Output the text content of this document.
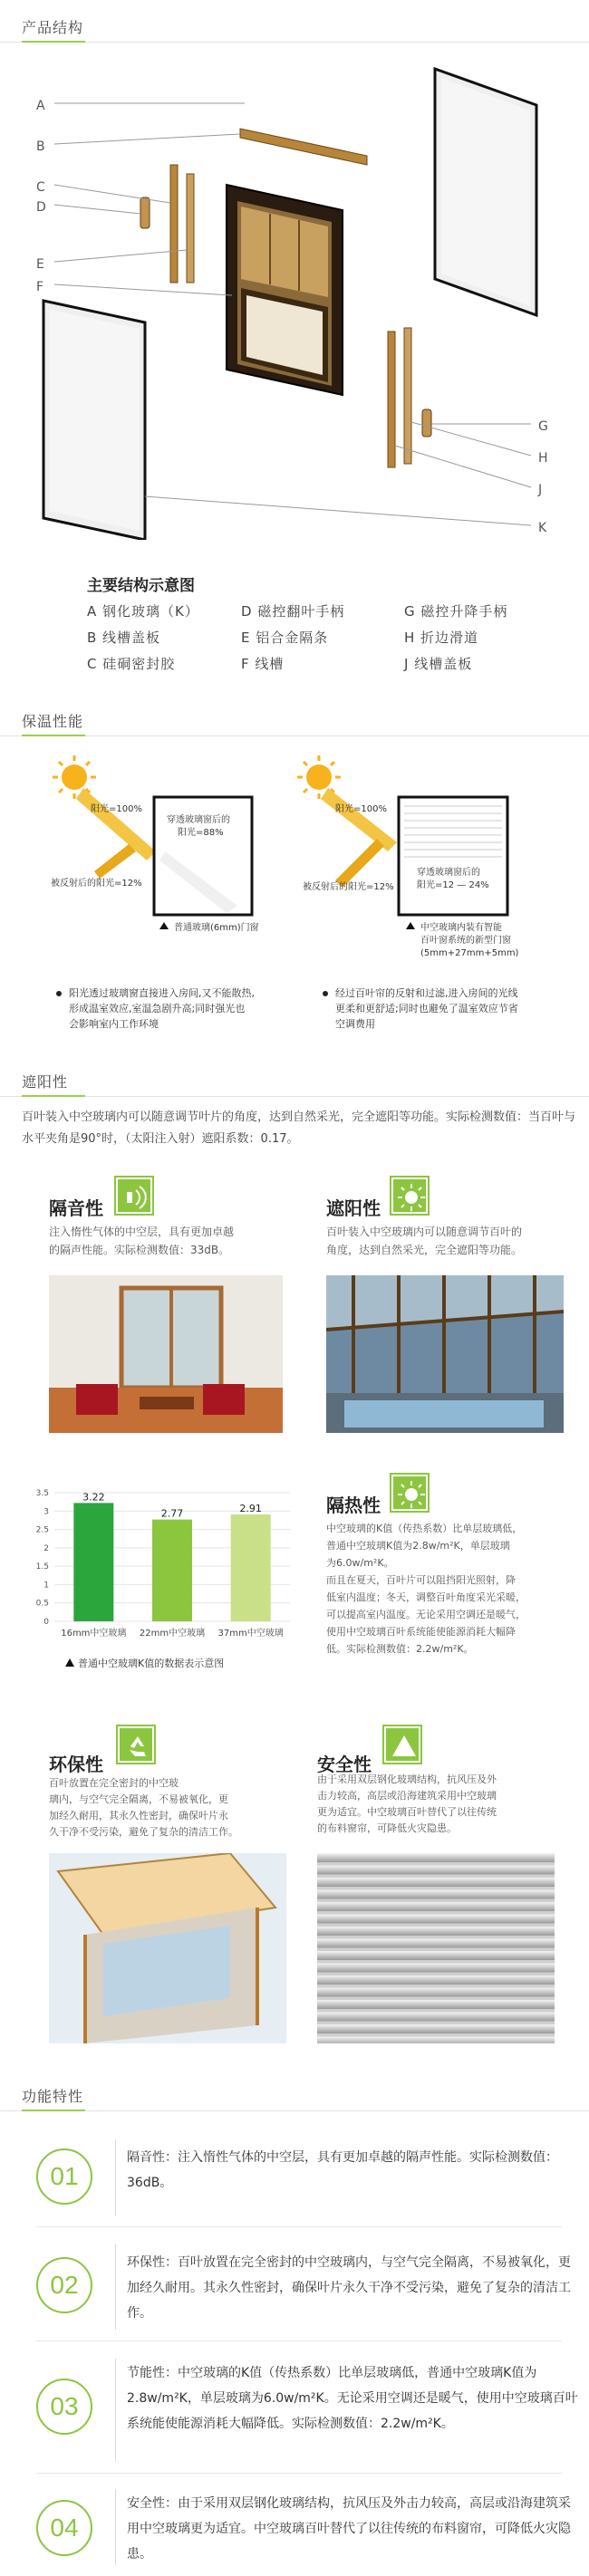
产品结构
A
B
C
D
E
F
G
H
J
K
主要结构示意图
A 钢化玻璃（K）	D 磁控翻叶手柄	G 磁控升降手柄
B 线槽盖板	E 铝合金隔条	H 折边滑道
C 硅硐密封胶	F 线槽	J 线槽盖板
保温性能
阳光=100%
被反射后的阳光=12%
穿透玻璃窗后的
阳光=88%
普通玻璃(6mm)门窗
阳光=100%
被反射后的阳光=12%
穿透玻璃窗后的
阳光=12 — 24%
中空玻璃内装有智能
百叶窗系统的新型门窗
(5mm+27mm+5mm)
阳光透过玻璃窗直接进入房间,又不能散热,
形成温室效应,室温急剧升高;同时强光也
会影响室内工作环境
经过百叶帘的反射和过滤,进入房间的光线
更柔和更舒适;同时也避免了温室效应节省
空调费用
遮阳性
百叶装入中空玻璃内可以随意调节叶片的角度，达到自然采光，完全遮阳等功能。实际检测数值：当百叶与水平夹角是90°时，（太阳注入射）遮阳系数：0.17。
隔音性
注入惰性气体的中空层，具有更加卓越
的隔声性能。实际检测数值：33dB。
遮阳性
百叶装入中空玻璃内可以随意调节百叶的
角度，达到自然采光，完全遮阳等功能。
3.22
2.77	2.91
0
0.5
1
1.5
2
2.5
3
3.5
16mm中空玻璃 22mm中空玻璃 37mm中空玻璃
普通中空玻璃K值的数据表示意图
隔热性
中空玻璃的K值（传热系数）比单层玻璃低，
普通中空玻璃K值为2.8w/m²K，单层玻璃
为6.0w/m²K。
而且在夏天，百叶片可以阻挡阳光照射，降
低室内温度；冬天，调整百叶角度采光采暖，
可以提高室内温度。无论采用空调还是暖气，
使用中空玻璃百叶系统能使能源消耗大幅降
低。实际检测数值：2.2w/m²K。
环保性
百叶放置在完全密封的中空玻
璃内，与空气完全隔离，不易被氧化，更
加经久耐用，其永久性密封，确保叶片永
久干净不受污染，避免了复杂的清洁工作。
安全性
由于采用双层钢化玻璃结构，抗风压及外
击力较高，高层或沿海建筑采用中空玻璃
更为适宜。中空玻璃百叶替代了以往传统
的布料窗帘，可降低火灾隐患。
功能特性
01
隔音性：注入惰性气体的中空层，具有更加卓越的隔声性能。实际检测数值：36dB。
02
环保性：百叶放置在完全密封的中空玻璃内，与空气完全隔离，不易被氧化，更加经久耐用。其永久性密封，确保叶片永久干净不受污染，避免了复杂的清洁工作。
03
节能性：中空玻璃的K值（传热系数）比单层玻璃低，普通中空玻璃K值为2.8w/m²K，单层玻璃为6.0w/m²K。无论采用空调还是暖气，使用中空玻璃百叶系统能使能源消耗大幅降低。实际检测数值：2.2w/m²K。
04
安全性：由于采用双层钢化玻璃结构，抗风压及外击力较高，高层或沿海建筑采用中空玻璃更为适宜。中空玻璃百叶替代了以往传统的布料窗帘，可降低火灾隐患。
